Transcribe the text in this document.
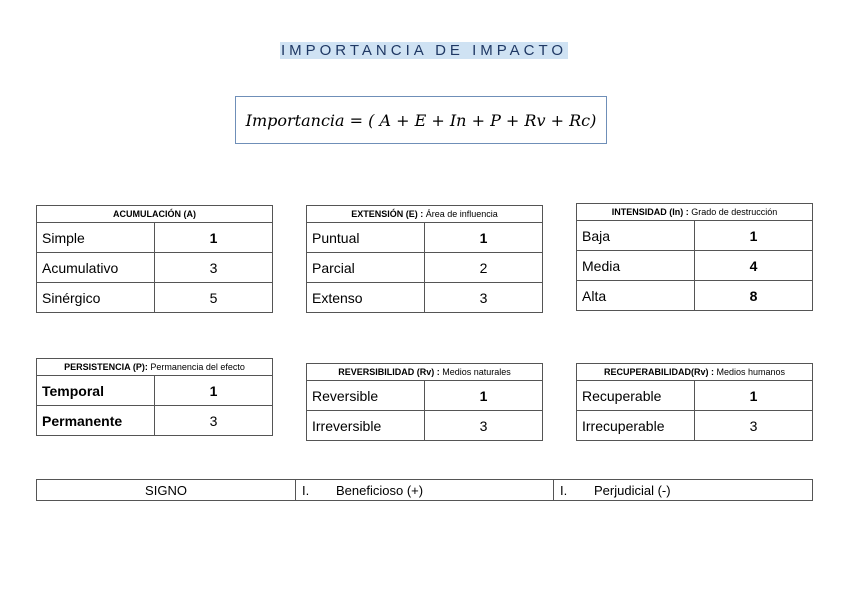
IMPORTANCIA DE IMPACTO
Importancia = ( A + E + In + P + Rv + Rc)
ACUMULACIÓN (A)	
Simple	1
Acumulativo	3
Sinérgico	5
EXTENSIÓN (E) : Área de influencia	
Puntual	1
Parcial	2
Extenso	3
INTENSIDAD (In) : Grado de destrucción	
Baja	1
Media	4
Alta	8
PERSISTENCIA (P): Permanencia del efecto	
Temporal	1
Permanente	3
REVERSIBILIDAD (Rv) : Medios naturales	
Reversible	1
Irreversible	3
RECUPERABILIDAD(Rv) : Medios humanos	
Recuperable	1
Irrecuperable	3
SIGNO	I. Beneficioso (+)	I. Perjudicial (-)
